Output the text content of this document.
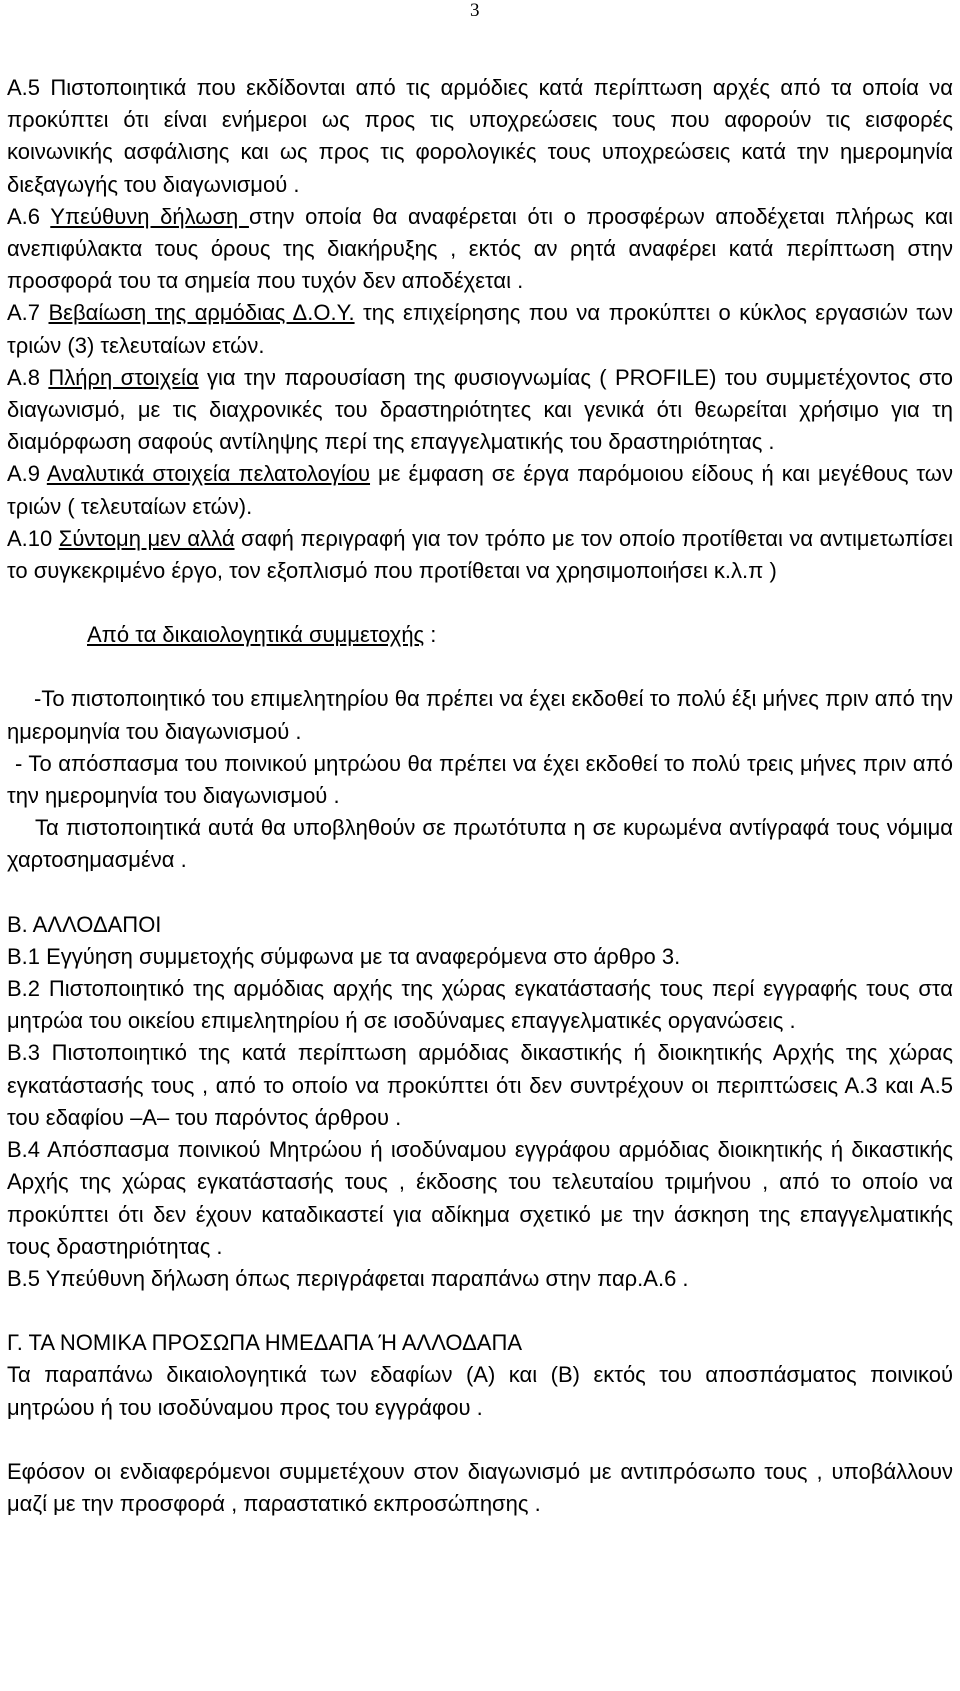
3

Α.5 Πιστοποιητικά που εκδίδονται από τις αρμόδιες κατά περίπτωση αρχές από τα οποία να προκύπτει ότι είναι ενήμεροι ως προς τις υποχρεώσεις τους που αφορούν τις εισφορές κοινωνικής ασφάλισης και ως προς τις φορολογικές τους υποχρεώσεις κατά την ημερομηνία διεξαγωγής του διαγωνισμού .

Α.6 Υπεύθυνη δήλωση στην οποία θα αναφέρεται ότι ο προσφέρων αποδέχεται πλήρως και ανεπιφύλακτα τους όρους της διακήρυξης , εκτός αν ρητά αναφέρει κατά περίπτωση στην προσφορά του τα σημεία που τυχόν δεν αποδέχεται .

Α.7 Βεβαίωση της αρμόδιας Δ.Ο.Υ. της επιχείρησης που να προκύπτει ο κύκλος εργασιών των τριών (3) τελευταίων ετών.

Α.8 Πλήρη στοιχεία για την παρουσίαση της φυσιογνωμίας ( PROFILE) του συμμετέχοντος στο διαγωνισμό, με τις διαχρονικές του δραστηριότητες και γενικά ότι θεωρείται χρήσιμο για τη διαμόρφωση σαφούς αντίληψης περί της επαγγελματικής του δραστηριότητας .

Α.9 Αναλυτικά στοιχεία πελατολογίου με έμφαση σε έργα παρόμοιου είδους ή και μεγέθους των τριών ( τελευταίων ετών).

Α.10 Σύντομη μεν αλλά σαφή περιγραφή για τον τρόπο με τον οποίο προτίθεται να αντιμετωπίσει το συγκεκριμένο έργο, τον εξοπλισμό που προτίθεται να χρησιμοποιήσει κ.λ.π )

Από τα δικαιολογητικά συμμετοχής :

-Το πιστοποιητικό του επιμελητηρίου θα πρέπει να έχει εκδοθεί το πολύ έξι μήνες πριν από την ημερομηνία του διαγωνισμού .

- Το απόσπασμα του ποινικού μητρώου θα πρέπει να έχει εκδοθεί το πολύ τρεις μήνες πριν από την ημερομηνία του διαγωνισμού .

Τα πιστοποιητικά αυτά θα υποβληθούν σε πρωτότυπα η σε κυρωμένα αντίγραφά τους νόμιμα χαρτοσημασμένα .

Β. ΑΛΛΟΔΑΠΟΙ

Β.1 Εγγύηση συμμετοχής σύμφωνα με τα αναφερόμενα στο άρθρο 3.

Β.2 Πιστοποιητικό της αρμόδιας αρχής της χώρας εγκατάστασής τους περί εγγραφής τους στα μητρώα του οικείου επιμελητηρίου ή σε ισοδύναμες επαγγελματικές οργανώσεις .

Β.3 Πιστοποιητικό της κατά περίπτωση αρμόδιας δικαστικής ή διοικητικής Αρχής της χώρας εγκατάστασής τους , από το οποίο να προκύπτει ότι δεν συντρέχουν οι περιπτώσεις Α.3 και Α.5 του εδαφίου –Α– του παρόντος άρθρου .

Β.4 Απόσπασμα ποινικού Μητρώου ή ισοδύναμου εγγράφου αρμόδιας διοικητικής ή δικαστικής Αρχής της χώρας εγκατάστασής τους , έκδοσης του τελευταίου τριμήνου , από το οποίο να προκύπτει ότι δεν έχουν καταδικαστεί για αδίκημα σχετικό με την άσκηση της επαγγελματικής τους δραστηριότητας .

Β.5 Υπεύθυνη δήλωση όπως περιγράφεται παραπάνω στην παρ.Α.6 .

Γ. ΤΑ ΝΟΜΙΚΑ ΠΡΟΣΩΠΑ ΗΜΕΔΑΠΑ Ή ΑΛΛΟΔΑΠΑ

Τα παραπάνω δικαιολογητικά των εδαφίων (Α) και (Β) εκτός του αποσπάσματος ποινικού μητρώου ή του ισοδύναμου προς του εγγράφου .

Εφόσον οι ενδιαφερόμενοι συμμετέχουν στον διαγωνισμό με αντιπρόσωπο τους , υποβάλλουν μαζί με την προσφορά , παραστατικό εκπροσώπησης .
